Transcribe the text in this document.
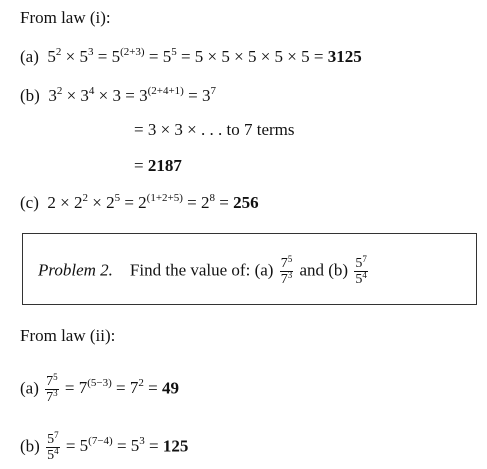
From law (i):
(a) $5^2 \times 5^3 = 5^{(2+3)} = 5^5 = 5 \times 5 \times 5 \times 5 \times 5 = 3125$
(b) $3^2 \times 3^4 \times 3 = 3^{(2+4+1)} = 3^7$
= 3 × 3 × . . . to 7 terms
= 2187
(c) $2 \times 2^2 \times 2^5 = 2^{(1+2+5)} = 2^8 = 256$
Problem 2. Find the value of: $(a) \frac{7^5}{7^3}$ and $(b) \frac{5^7}{5^4}$
From law (ii):
$(a) \frac{7^5}{7^3} = 7^{(5-3)} = 7^2 = 49$
$(b) \frac{5^7}{5^4} = 5^{(7-4)} = 5^3 = 125$
